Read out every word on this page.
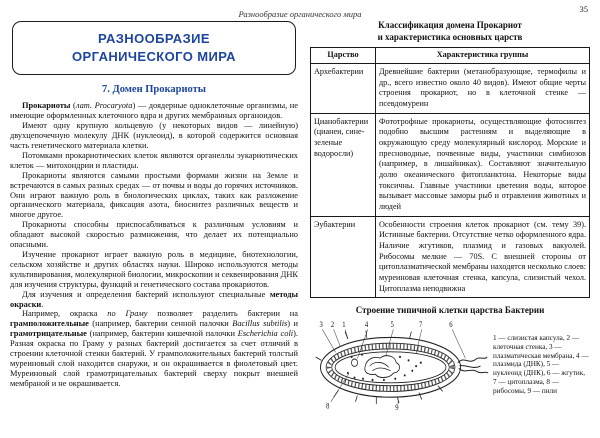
Разнообразие органического мира	35
РАЗНООБРАЗИЕ
ОРГАНИЧЕСКОГО МИРА
7. Домен Прокариоты

Прокариоты (лат. Procaryota) — доядерные одноклеточные организмы, не имеющие оформленных клеточного ядра и других мембранных органоидов.

Имеют одну крупную кольцевую (у некоторых видов — линейную) двухцепочечную молекулу ДНК (нуклеоид), в которой содержится основная часть генетического материала клетки.

Потомками прокариотических клеток являются органеллы эукариотических клеток — митохондрии и пластиды.

Прокариоты являются самыми простыми формами жизни на Земле и встречаются в самых разных средах — от почвы и воды до горячих источников. Они играют важную роль в биологических циклах, таких как разложение органического материала, фиксация азота, биосинтез различных веществ и многое другое.

Прокариоты способны приспосабливаться к различным условиям и обладают высокой скоростью размножения, что делает их потенциально опасными.

Изучение прокариот играет важную роль в медицине, биотехнологии, сельском хозяйстве и других областях науки. Широко используются методы культивирования, молекулярной биологии, микроскопии и секвенирования ДНК для изучения структуры, функций и генетического состава прокариотов.

Для изучения и определения бактерий используют специальные методы окраски.

Например, окраска по Граму позволяет разделить бактерии на грамположительные (например, бактерии сенной палочки Bacillus subtilis) и грамотрицательные (например, бактерии кишечной палочки Escherichia coli). Разная окраска по Граму у разных бактерий достигается за счет отличий в строении клеточной стенки бактерий. У грамположительных бактерий толстый муреиновый слой находится снаружи, и он окрашивается в фиолетовый цвет. Муреиновый слой грамотрицательных бактерий сверху покрыт внешней мембраной и не окрашивается.

Классификация домена Прокариот
и характеристика основных царств
Царство	Характеристика группы
Архебактерии	Древнейшие бактерии (метанобразующие, термофилы и др., всего известно около 40 видов). Имеют общие черты строения прокариот, но в клеточной стенке — псевдомуреин
Цианобактерии (цианеи, сине-зеленые водоросли)	Фототрофные прокариоты, осуществляющие фотосинтез подобно высшим растениям и выделяющие в окружающую среду молекулярный кислород. Морские и пресноводные, почвенные виды, участники симбиозов (например, в лишайниках). Составляют значительную долю океанического фитопланктона. Некоторые виды токсичны. Главные участники цветения воды, которое вызывает массовые заморы рыб и отравления животных и людей
Эубактерии	Особенности строения клеток прокариот (см. тему 39). Истинные бактерии. Отсутствие четко оформленного ядра. Наличие жгутиков, плазмид и газовых вакуолей. Рибосомы мелкие — 70S. С внешней стороны от цитоплазматической мембраны находятся несколько слоев: муреиновая клеточная стенка, капсула, слизистый чехол. Цитоплазма неподвижна
Строение типичной клетки царства Бактерии
3 2 1	4	5	7	6
8	9
1 — слизистая капсула, 2 — клеточная стенка, 3 — плазматическая мембрана, 4 — плазмида (ДНК), 5 — нуклеоид (ДНК), 6 — жгутик, 7 — цитоплазма, 8 — рибосомы, 9 — пили
